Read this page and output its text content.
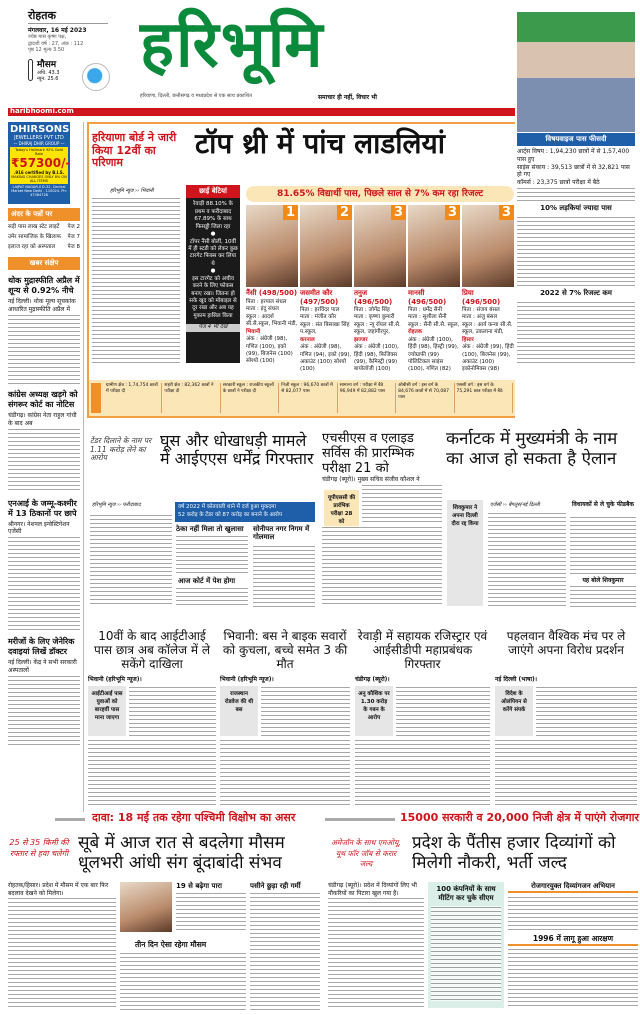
रोहतक
मंगलवार, 16 मई 2023
ज्येष्ठ मास कृष्ण पक्ष,
द्वादशी वर्ष : 27, अंक : 112
पृष्ठ 12 मूल्य 3.50
मौसम
अधि. 43.3
न्यून. 25.6 हरिभूमि
हरियाणा, दिल्ली, छत्तीसगढ़ व मध्यप्रदेश से एक साथ प्रकाशित	समाचार ही नहीं, विचार भी
haribhoomi.com
DHIRSONS
JEWELLERS PVT LTD
— DHIRAJ DHIR GROUP —
Today's Hallmark 92% Gold Rate
₹57300/-
.916 certified by B.I.S.
MAKING CHARGES ONLY 8% ON ALL ITEMS
LAJPAT NAGAR-II D-32, Central Market New Delhi - 110024. Ph: 47384728
अंदर के पन्नों पर
सड़ी पास लाख स्टेट लाइटें पेज 2
उमेर सामाजिक के खिलाफ पेज 7
इलाज रहा को अस्पताल पेज 8
खबर संक्षेप
थोक मुद्रास्फीति अप्रैल में शून्य से 0.92% नीचे
नई दिल्ली। थोक मूल्य सूचकांक आधारित मुद्रास्फीति अप्रैल में
कांग्रेस अध्यक्ष खड़गे को संगरूर कोर्ट का नोटिस
चंडीगढ़। कांग्रेस नेता राहुल गांधी के बाद अब
एनआई के जम्मू-कश्मीर में 13 ठिकानों पर छापे
श्रीनगर। नेशनल इन्वेस्टिगेशन एजेंसी
मरीजों के लिए जेनेरिक दवाइयां लिखें डॉक्टर
नई दिल्ली। केंद्र ने सभी सरकारी अस्पतालों
हरियाणा बोर्ड ने जारी किया 12वीं का परिणाम
टॉप थ्री में पांच लाडलियां
हरिभूमि न्यूज ›› भिवानी	छाई बेटियां
रेवाड़ी 88.10% के प्रथम व फरीदाबाद 67.89% के साथ फिसड्डी जिला रहा
●
टॉपर नैंसी बोलीं, 10वीं में ही स्टडी को लेकर कुछ टारगेट फिक्स कर लिया थे
●
इस टारगेट को अचीव करने के लिए फोकस बनाए रखा। जितना हो सके खुद को मोबाइल से दूर रखा और अब यह मुकाम हासिल किया
पेज 4 भी देखें
81.65% विद्यार्थी पास, पिछले साल से 7% कम रहा रिजल्ट
1
नैंसी (498/500)
पिता : हरपाल संधल
माता : इंदु संधल
स्कूल : आदर्श सी.सै.स्कूल, भिवानी मंडी,
भिवानी
अंक : अंग्रेजी (98), गणित (100), इको (99), बिजनेस (100) सोश्यो (100)
2
जसमीत कौर (497/500)
पिता : हरविंदर पाल
माता : मंजीत कौर
स्कूल : संत बिसाखा सिंह प.स्कूल,
करनाल
अंक : अंग्रेजी (98), गणित (94), इको (99), अकाउंट (100) सोश्यो (100)
3
तनुज (496/500)
पिता : जोगेंद्र सिंह
माता : कृष्णा कुमारी
स्कूल : न्यू रॉयल सी.सै. स्कूल, जहांगीरपुर,
झज्जर
अंक : अंग्रेजी (100), हिंदी (98), फिजिक्स (99), कैमिस्ट्री (99) बायोलॉजी (100)
3
मानसी (496/500)
पिता : धर्मेंद्र सैनी
माता : सुशीला सैनी
स्कूल : सैनी सी.सै. स्कूल,
रोहतक
अंक : अंग्रेजी (100), हिंदी (98), हिस्ट्री (99), ज्योग्राफी (99) पोलिटिकल साइंस (100), गणित (82)
3
प्रिया (496/500)
पिता : संजय बंसल
माता : अंजु बंसल
स्कूल : आर्य कन्या सी.सै. स्कूल, उकलाना मंडी,
हिसार
अंक : अंग्रेजी (99), हिंदी (100), बिजनेस (99), अकाउंट (100) इकोनोमिक्स (98)
ग्रामीण क्षेत्र : 1,74,754 छात्रों में परीक्षा दी
शहरी क्षेत्र : 82,362 छात्रों ने परीक्षा दी
सरकारी स्कूल : राजकीय स्कूलों के छात्रों ने परीक्षा दी
निजी स्कूल : 96,670 छात्रों में से 82,077 पास
सामान्य वर्ग : परीक्षा में बैठे 96,949 में 82,882 पास
ओबीसी वर्ग : इस वर्ग के 84,676 छात्रों में से 70,087 पास
एससी वर्ग : इस वर्ग के 75,291 छात्र परीक्षा में बैठे
विषयवाइज पास फीसदी
आर्ट्स विषय : 1,94,230 छात्रों में से 1,57,400 पास हुए
साइंस संकाय : 39,513 छात्रों में से 32,821 पास हो गए
कॉमर्स : 23,375 छात्रों परीक्षा में बैठे
10% लड़कियां ज्यादा पास
2022 से 7% रिजल्ट कम
टेंडर दिलाने के नाम पर 1.11 करोड़ लेने का आरोप
घूस और धोखाधड़ी मामले में आईएएस धर्मेंद्र गिरफ्तार
हरिभूमि न्यूज ›› फरीदाबाद	वर्ष 2022 में कोतवाली थाने में दर्ज हुआ मुकदमा
52 करोड़ के टेंडर को 87 करोड़ का बनाने के आरोप
ठेका नहीं मिला तो खुलासा
आज कोर्ट में पेश होगा
सोनीपत नगर निगम में गोलमाल
एचसीएस व एलाइड सर्विस की प्रारम्भिक परीक्षा 21 को
चंडीगढ़ (ब्यूरो)। मुख्य सचिव संजीव कौशल ने
यूपीएससी की प्रारंभिक परीक्षा 28 को
कर्नाटक में मुख्यमंत्री के नाम का आज हो सकता है ऐलान
शिवकुमार ने अपना दिल्ली दौरा रद्द किया
एजेंसी ›› बेंगलुरु/नई दिल्ली	विधायकों से ले चुके फीडबैक
यह बोले शिवकुमार
10वीं के बाद आईटीआई पास छात्र अब कॉलेज में ले सकेंगे दाखिला
भिवानी (हरिभूमि न्यूज)।
आईटीआई पास युवाओं को बारहवीं पास माना जाएगा
भिवानी: बस ने बाइक सवारों को कुचला, बच्चे समेत 3 की मौत
भिवानी (हरिभूमि न्यूज)।
राजस्थान रोडवेज की थी बस
रेवाड़ी में सहायक रजिस्ट्रार एवं आईसीडीपी महाप्रबंधक गिरफ्तार
चंडीगढ़ (ब्यूरो)।
अनु कौशिक पर 1.30 करोड़ के गबन के आरोप
पहलवान वैश्विक मंच पर ले जाएंगे अपना विरोध प्रदर्शन
नई दिल्ली (भाषा)।
विदेश के ओलंपियन से करेंगे संपर्क
दावा: 18 मई तक रहेगा पश्चिमी विक्षोभ का असर	15000 सरकारी व 20,000 निजी क्षेत्र में पाएंगे रोजगार
25 से 35 किमी की रफ्तार से हवा चलेगी
सूबे में आज रात से बदलेगा मौसम धूलभरी आंधी संग बूंदाबांदी संभव
रोहतक/हिसार। प्रदेश में मौसम में एक बार फिर बदलाव देखने को मिलेगा।
19 से बढ़ेगा पारा
तीन दिन ऐसा रहेगा मौसम
पसीने छुड़ा रही गर्मी
अमेजॉन के साथ एमओयू, यूथ फॉर जॉब से करार जल्द
प्रदेश के पैंतीस हजार दिव्यांगों को मिलेगी नौकरी, भर्ती जल्द
चंडीगढ़ (ब्यूरो)। प्रदेश में दिव्यांगों लिए भी नौकरियों का पिटारा खुल गया है।
100 कंपनियों के साथ मीटिंग कर चुके सीएम
रोजगारयुक्त दिव्यांगजन अभियान
1996 में लागू हुआ आरक्षण
